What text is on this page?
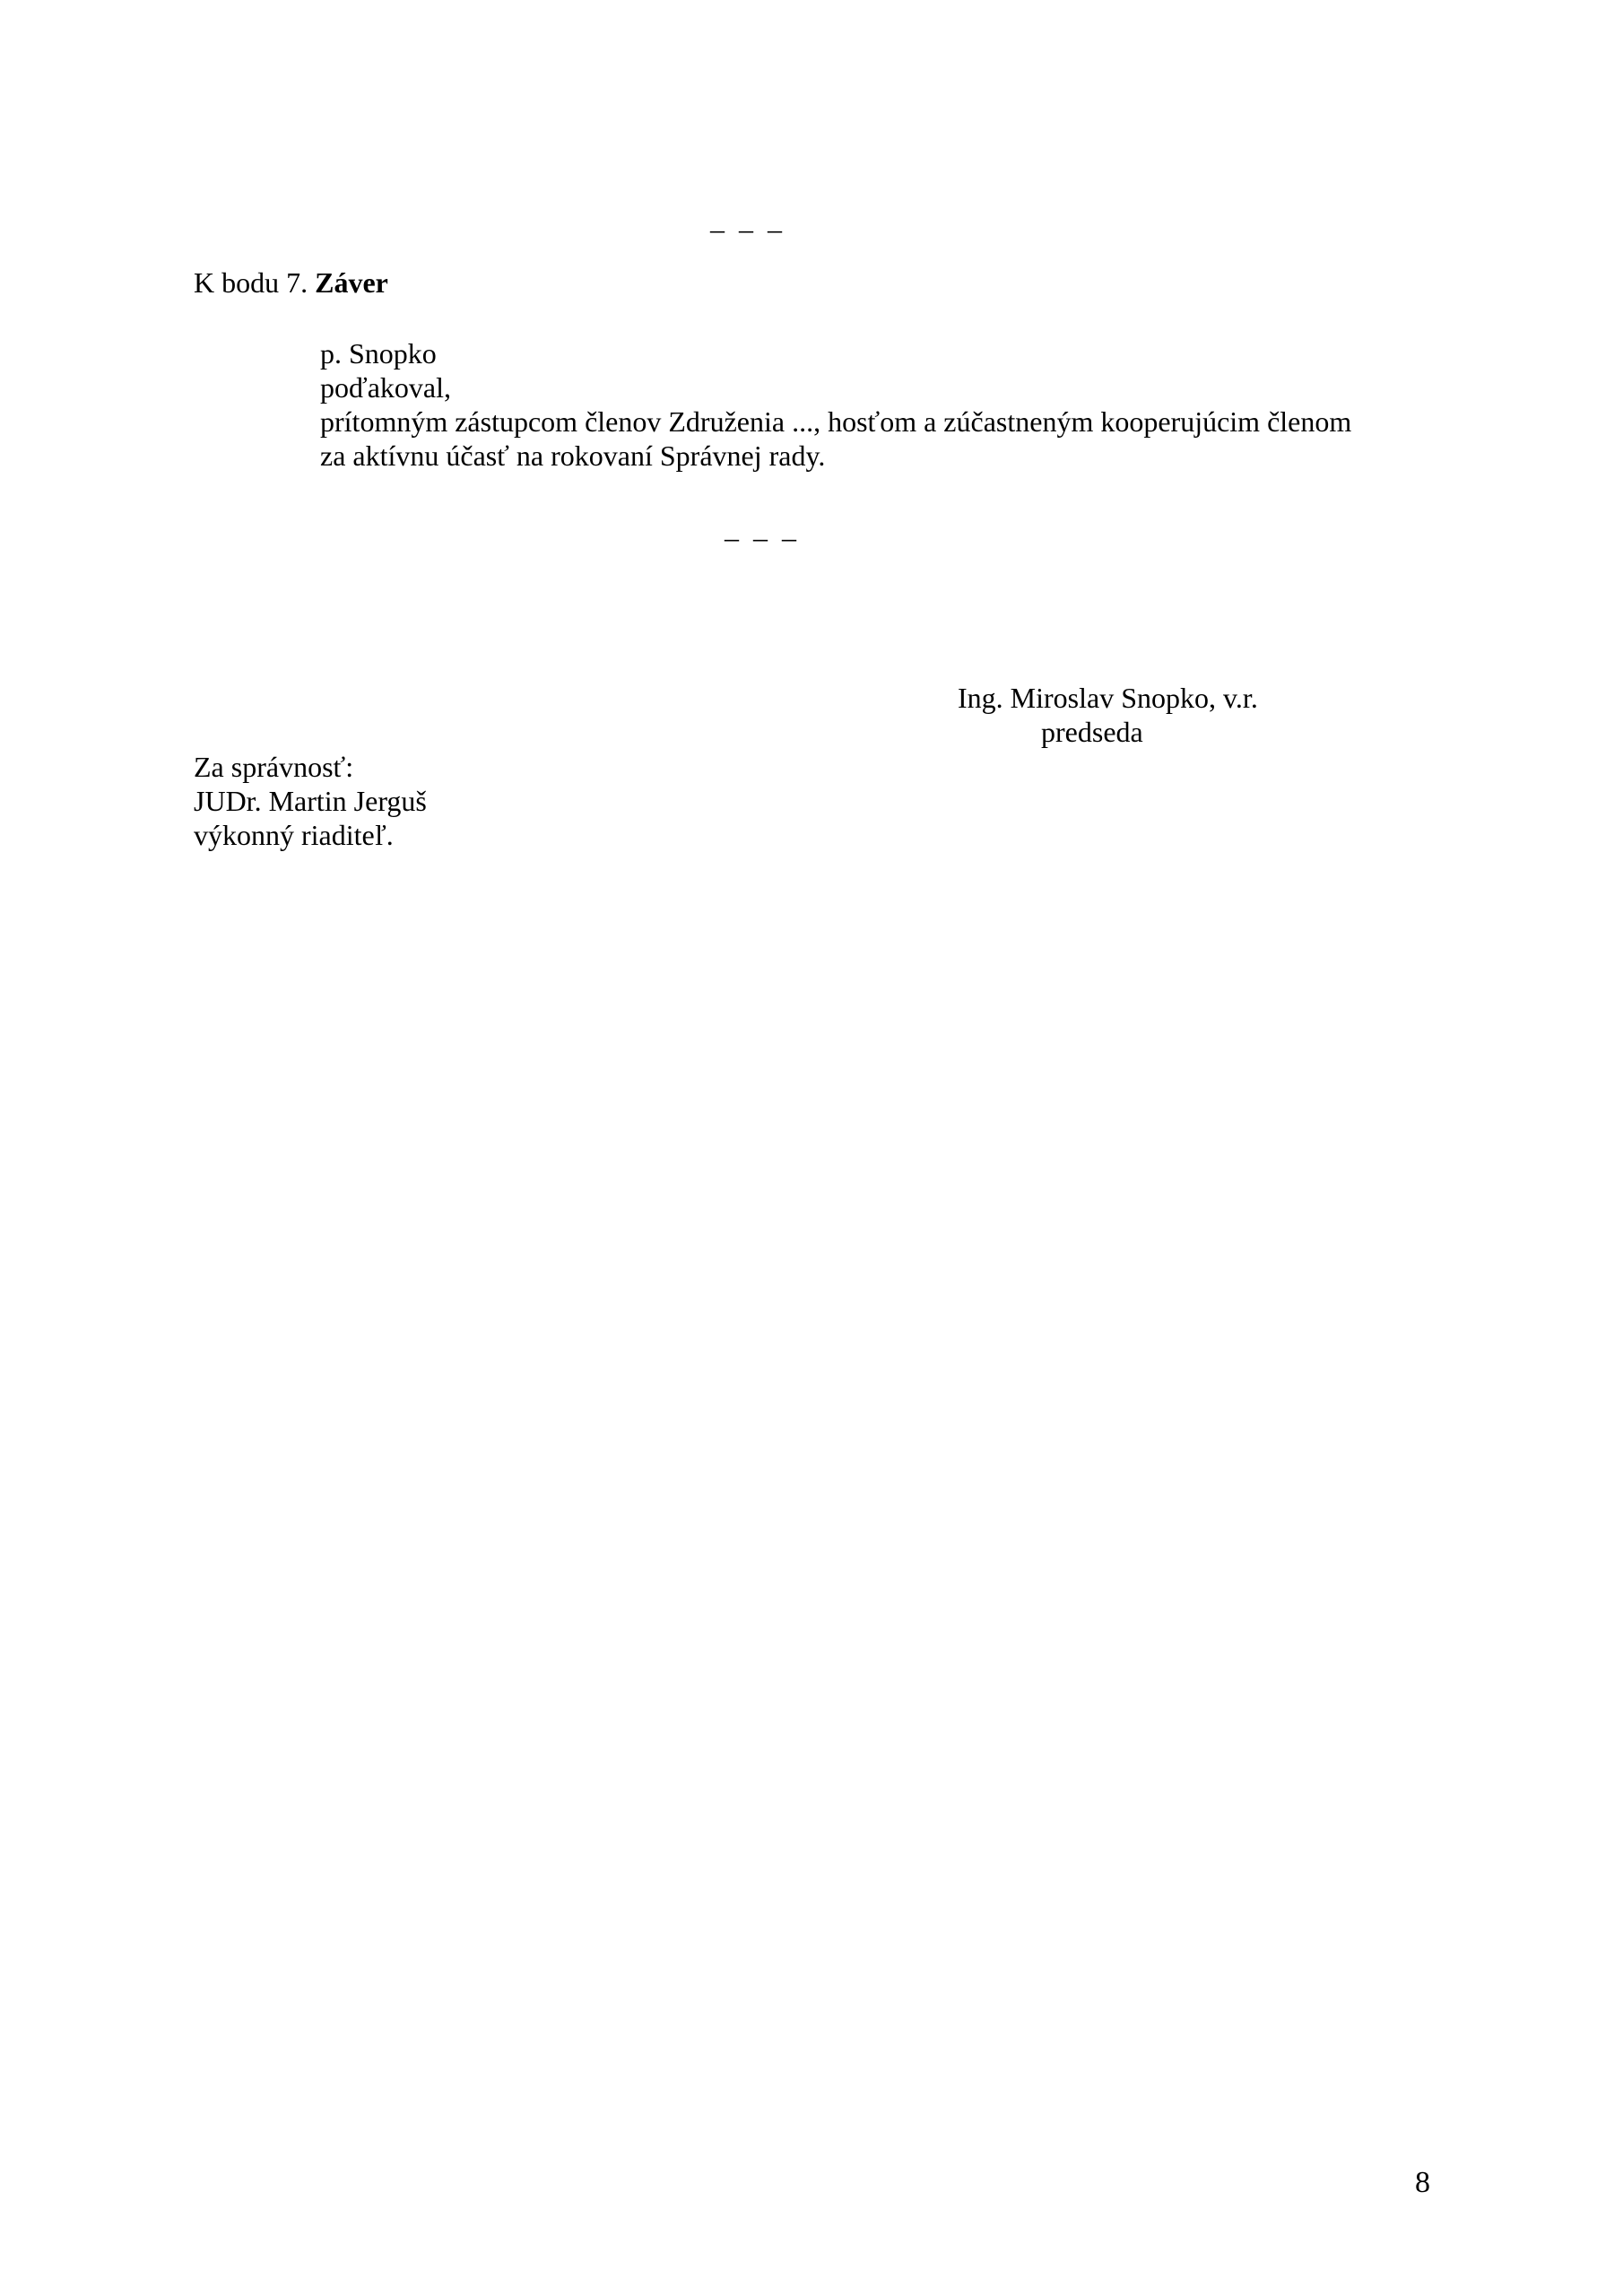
– – –
K bodu 7. Záver
p. Snopko
poďakoval,
prítomným zástupcom členov Združenia ..., hosťom a zúčastneným kooperujúcim členom
za aktívnu účasť na rokovaní Správnej rady.
– – –
Ing. Miroslav Snopko, v.r.
predseda
Za správnosť:
JUDr. Martin Jerguš
výkonný riaditeľ.
8
